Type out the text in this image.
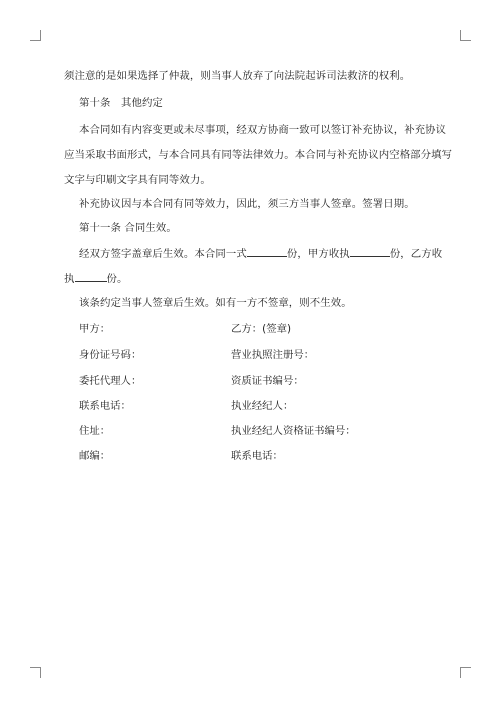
须注意的是如果选择了仲裁，则当事人放弃了向法院起诉司法救济的权利。
第十条　其他约定
本合同如有内容变更或未尽事项，经双方协商一致可以签订补充协议，补充协议
应当采取书面形式，与本合同具有同等法律效力。本合同与补充协议内空格部分填写
文字与印刷文字具有同等效力。
补充协议因与本合同有同等效力，因此，须三方当事人签章。签署日期。
第十一条 合同生效。
经双方签字盖章后生效。本合同一式	份，甲方收执	份，乙方收
执	份。
该条约定当事人签章后生效。如有一方不签章，则不生效。
甲方：	乙方：(签章)
身份证号码：	营业执照注册号：
委托代理人：	资质证书编号：
联系电话：	执业经纪人：
住址：	执业经纪人资格证书编号：
邮编：	联系电话：
